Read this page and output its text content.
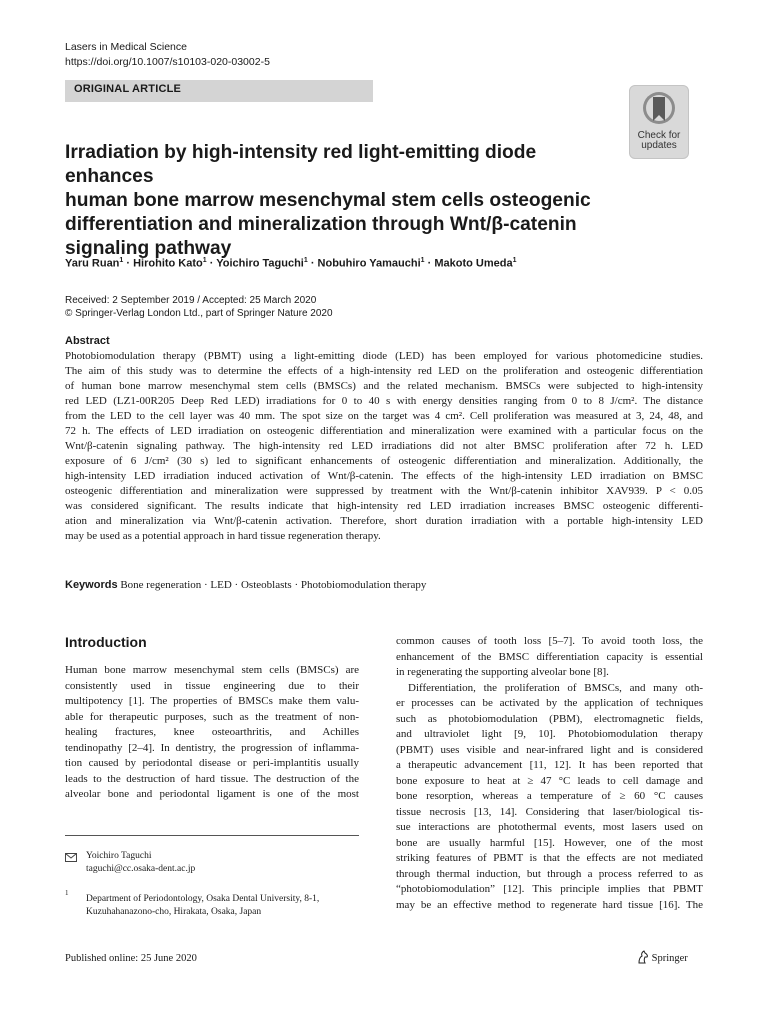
Lasers in Medical Science
https://doi.org/10.1007/s10103-020-03002-5
ORIGINAL ARTICLE
Check for
updates
Irradiation by high-intensity red light-emitting diode enhances
human bone marrow mesenchymal stem cells osteogenic
differentiation and mineralization through Wnt/β-catenin
signaling pathway
Yaru Ruan$^1$ · Hirohito Kato$^1$ · Yoichiro Taguchi$^1$ · Nobuhiro Yamauchi$^1$ · Makoto Umeda$^1$
Received: 2 September 2019 / Accepted: 25 March 2020
© Springer-Verlag London Ltd., part of Springer Nature 2020
Abstract
Photobiomodulation therapy (PBMT) using a light-emitting diode (LED) has been employed for various photomedicine studies.
The aim of this study was to determine the effects of a high-intensity red LED on the proliferation and osteogenic differentiation
of human bone marrow mesenchymal stem cells (BMSCs) and the related mechanism. BMSCs were subjected to high-intensity
red LED (LZ1-00R205 Deep Red LED) irradiations for 0 to 40 s with energy densities ranging from 0 to 8 J/cm². The distance
from the LED to the cell layer was 40 mm. The spot size on the target was 4 cm². Cell proliferation was measured at 3, 24, 48, and
72 h. The effects of LED irradiation on osteogenic differentiation and mineralization were examined with a particular focus on the
Wnt/β-catenin signaling pathway. The high-intensity red LED irradiations did not alter BMSC proliferation after 72 h. LED
exposure of 6 J/cm² (30 s) led to significant enhancements of osteogenic differentiation and mineralization. Additionally, the
high-intensity LED irradiation induced activation of Wnt/β-catenin. The effects of the high-intensity LED irradiation on BMSC
osteogenic differentiation and mineralization were suppressed by treatment with the Wnt/β-catenin inhibitor XAV939. P < 0.05
was considered significant. The results indicate that high-intensity red LED irradiation increases BMSC osteogenic differenti-
ation and mineralization via Wnt/β-catenin activation. Therefore, short duration irradiation with a portable high-intensity LED
may be used as a potential approach in hard tissue regeneration therapy.
Keywords Bone regeneration · LED · Osteoblasts · Photobiomodulation therapy
Introduction
Human bone marrow mesenchymal stem cells (BMSCs) are
consistently used in tissue engineering due to their
multipotency [1]. The properties of BMSCs make them valu-
able for therapeutic purposes, such as the treatment of non-
healing fractures, knee osteoarthritis, and Achilles
tendinopathy [2–4]. In dentistry, the progression of inflamma-
tion caused by periodontal disease or peri-implantitis usually
leads to the destruction of hard tissue. The destruction of the
alveolar bone and periodontal ligament is one of the most
common causes of tooth loss [5–7]. To avoid tooth loss, the
enhancement of the BMSC differentiation capacity is essential
in regenerating the supporting alveolar bone [8].
Differentiation, the proliferation of BMSCs, and many oth-
er processes can be activated by the application of techniques
such as photobiomodulation (PBM), electromagnetic fields,
and ultraviolet light [9, 10]. Photobiomodulation therapy
(PBMT) uses visible and near-infrared light and is considered
a therapeutic advancement [11, 12]. It has been reported that
bone exposure to heat at ≥ 47 °C leads to cell damage and
bone resorption, whereas a temperature of ≥ 60 °C causes
tissue necrosis [13, 14]. Considering that laser/biological tis-
sue interactions are photothermal events, most lasers used on
bone are usually harmful [15]. However, one of the most
striking features of PBMT is that the effects are not mediated
through thermal induction, but through a process referred to as
“photobiomodulation” [12]. This principle implies that PBMT
may be an effective method to regenerate hard tissue [16]. The
Yoichiro Taguchi
taguchi@cc.osaka-dent.ac.jp
1
Department of Periodontology, Osaka Dental University, 8-1,
Kuzuhahanazono-cho, Hirakata, Osaka, Japan
Published online: 25 June 2020	Springer
